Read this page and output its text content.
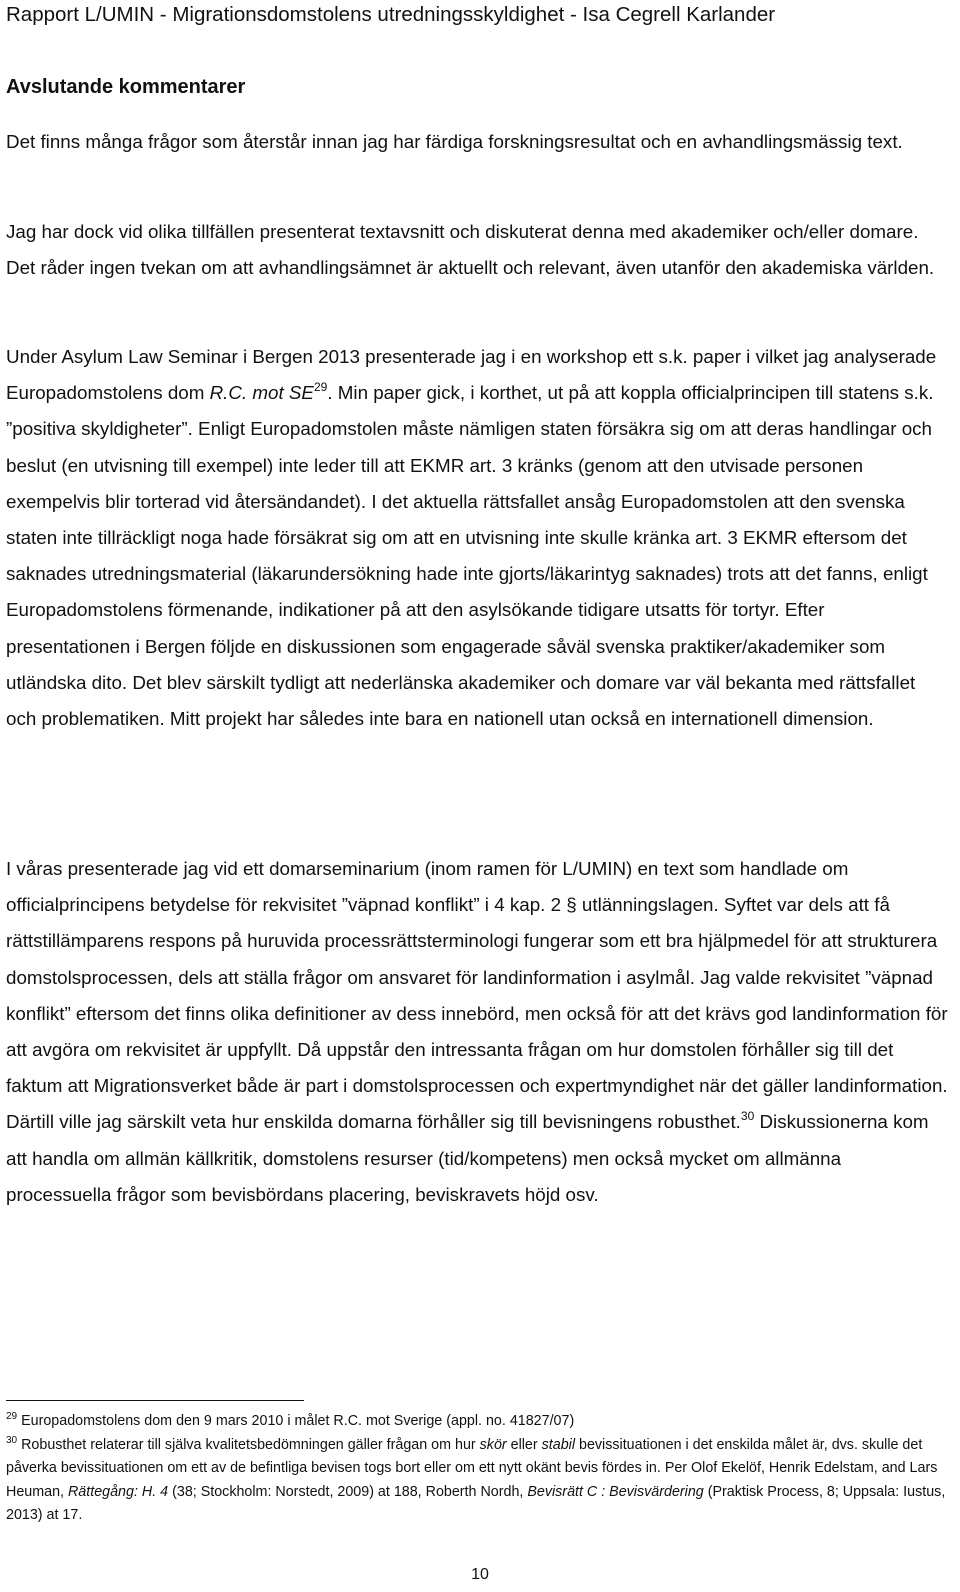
Rapport L/UMIN - Migrationsdomstolens utredningsskyldighet - Isa Cegrell Karlander
Avslutande kommentarer

Det finns många frågor som återstår innan jag har färdiga forskningsresultat och en avhandlingsmässig text.

Jag har dock vid olika tillfällen presenterat textavsnitt och diskuterat denna med akademiker och/eller domare. Det råder ingen tvekan om att avhandlingsämnet är aktuellt och relevant, även utanför den akademiska världen.

Under Asylum Law Seminar i Bergen 2013 presenterade jag i en workshop ett s.k. paper i vilket jag analyserade Europadomstolens dom R.C. mot SE$^{29}$. Min paper gick, i korthet, ut på att koppla officialprincipen till statens s.k. ”positiva skyldigheter”. Enligt Europadomstolen måste nämligen staten försäkra sig om att deras handlingar och beslut (en utvisning till exempel) inte leder till att EKMR art. 3 kränks (genom att den utvisade personen exempelvis blir torterad vid återsändandet). I det aktuella rättsfallet ansåg Europadomstolen att den svenska staten inte tillräckligt noga hade försäkrat sig om att en utvisning inte skulle kränka art. 3 EKMR eftersom det saknades utredningsmaterial (läkarundersökning hade inte gjorts/läkarintyg saknades) trots att det fanns, enligt Europadomstolens förmenande, indikationer på att den asylsökande tidigare utsatts för tortyr. Efter presentationen i Bergen följde en diskussionen som engagerade såväl svenska praktiker/akademiker som utländska dito. Det blev särskilt tydligt att nederlänska akademiker och domare var väl bekanta med rättsfallet och problematiken. Mitt projekt har således inte bara en nationell utan också en internationell dimension.

I våras presenterade jag vid ett domarseminarium (inom ramen för L/UMIN) en text som handlade om officialprincipens betydelse för rekvisitet ”väpnad konflikt” i 4 kap. 2 § utlänningslagen. Syftet var dels att få rättstillämparens respons på huruvida processrättsterminologi fungerar som ett bra hjälpmedel för att strukturera domstolsprocessen, dels att ställa frågor om ansvaret för landinformation i asylmål. Jag valde rekvisitet ”väpnad konflikt” eftersom det finns olika definitioner av dess innebörd, men också för att det krävs god landinformation för att avgöra om rekvisitet är uppfyllt. Då uppstår den intressanta frågan om hur domstolen förhåller sig till det faktum att Migrationsverket både är part i domstolsprocessen och expertmyndighet när det gäller landinformation. Därtill ville jag särskilt veta hur enskilda domarna förhåller sig till bevisningens robusthet.$^{30}$ Diskussionerna kom att handla om allmän källkritik, domstolens resurser (tid/kompetens) men också mycket om allmänna processuella frågor som bevisbördans placering, beviskravets höjd osv.

$^{29}$ Europadomstolens dom den 9 mars 2010 i målet R.C. mot Sverige (appl. no. 41827/07)

$^{30}$ Robusthet relaterar till själva kvalitetsbedömningen gäller frågan om hur skör eller stabil bevissituationen i det enskilda målet är, dvs. skulle det påverka bevissituationen om ett av de befintliga bevisen togs bort eller om ett nytt okänt bevis fördes in. Per Olof Ekelöf, Henrik Edelstam, and Lars Heuman, Rättegång: H. 4 (38; Stockholm: Norstedt, 2009) at 188, Roberth Nordh, Bevisrätt C : Bevisvärdering (Praktisk Process, 8; Uppsala: Iustus, 2013) at 17.

10
